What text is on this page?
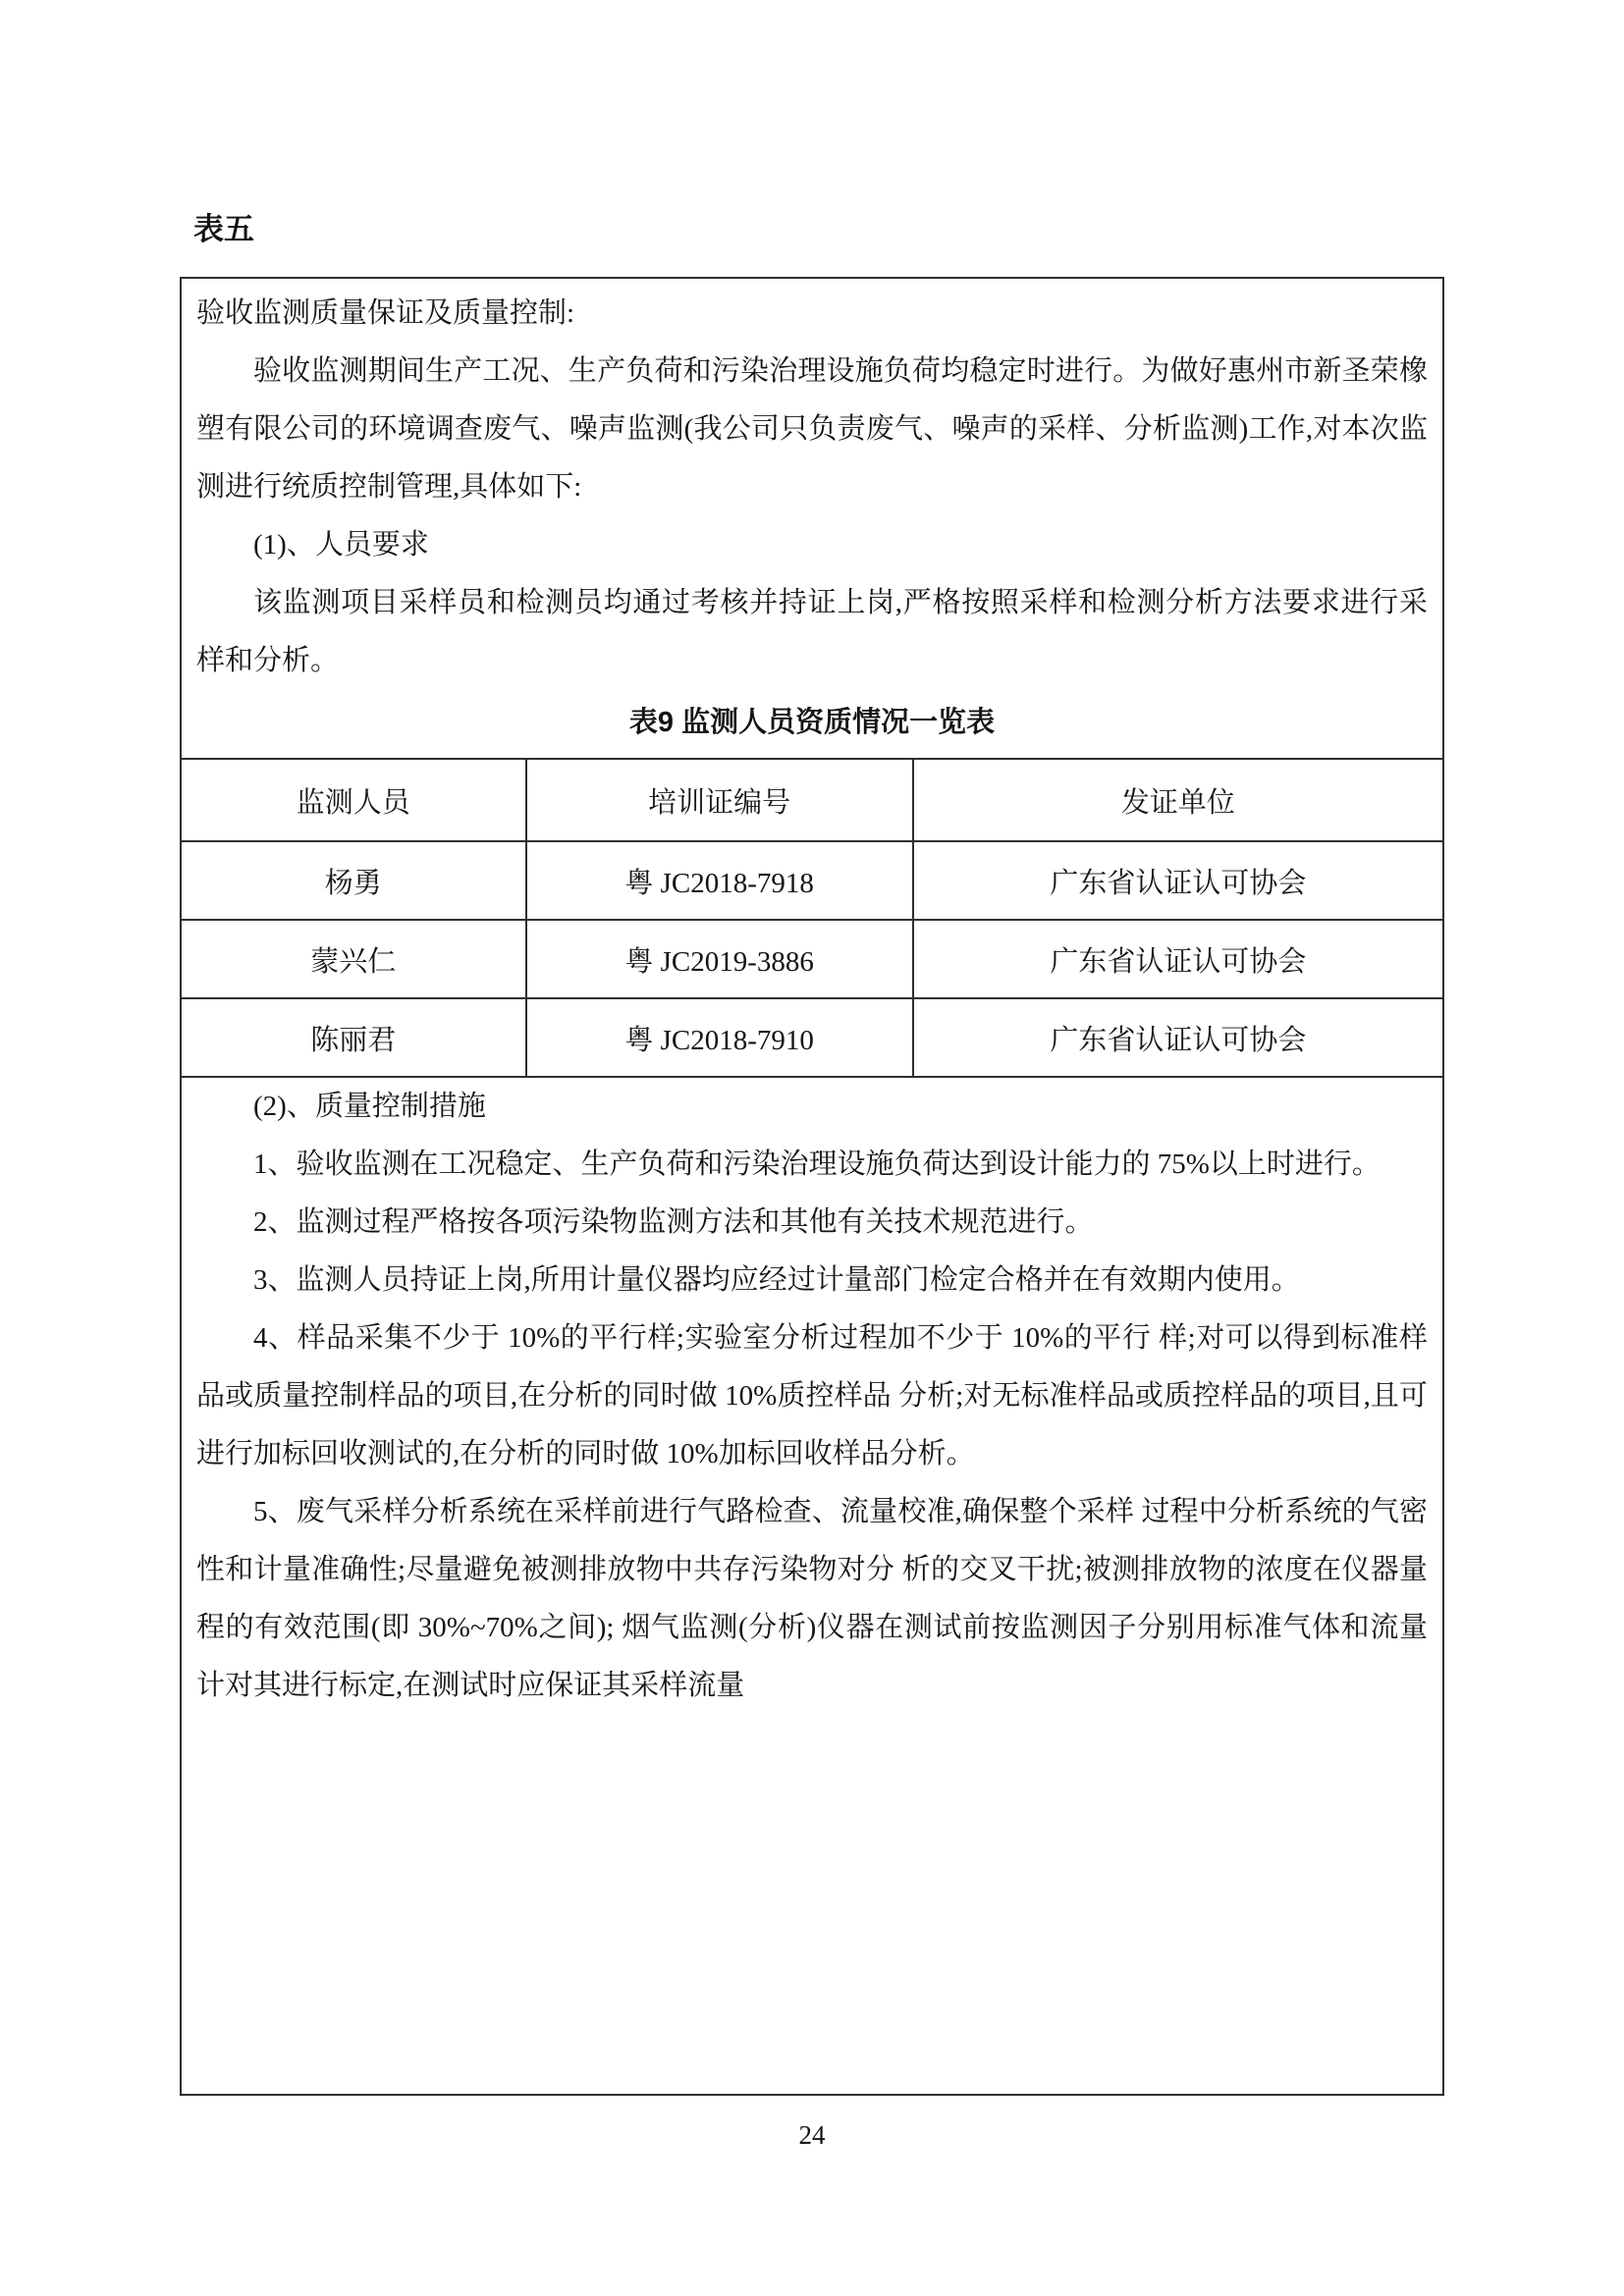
表五

验收监测质量保证及质量控制:

验收监测期间生产工况、生产负荷和污染治理设施负荷均稳定时进行。为做好惠州市新圣荣橡塑有限公司的环境调查废气、噪声监测(我公司只负责废气、噪声的采样、分析监测)工作,对本次监测进行统质控制管理,具体如下:

(1)、人员要求

该监测项目采样员和检测员均通过考核并持证上岗,严格按照采样和检测分析方法要求进行采样和分析。

表9 监测人员资质情况一览表

监测人员	培训证编号	发证单位
杨勇	粤 JC2018-7918	广东省认证认可协会
蒙兴仁	粤 JC2019-3886	广东省认证认可协会
陈丽君	粤 JC2018-7910	广东省认证认可协会

(2)、质量控制措施

1、验收监测在工况稳定、生产负荷和污染治理设施负荷达到设计能力的 75%以上时进行。

2、监测过程严格按各项污染物监测方法和其他有关技术规范进行。

3、监测人员持证上岗,所用计量仪器均应经过计量部门检定合格并在有效期内使用。

4、样品采集不少于 10%的平行样;实验室分析过程加不少于 10%的平行 样;对可以得到标准样品或质量控制样品的项目,在分析的同时做 10%质控样品 分析;对无标准样品或质控样品的项目,且可进行加标回收测试的,在分析的同时做 10%加标回收样品分析。

5、废气采样分析系统在采样前进行气路检查、流量校准,确保整个采样 过程中分析系统的气密性和计量准确性;尽量避免被测排放物中共存污染物对分 析的交叉干扰;被测排放物的浓度在仪器量程的有效范围(即 30%~70%之间); 烟气监测(分析)仪器在测试前按监测因子分别用标准气体和流量计对其进行标定,在测试时应保证其采样流量

24
